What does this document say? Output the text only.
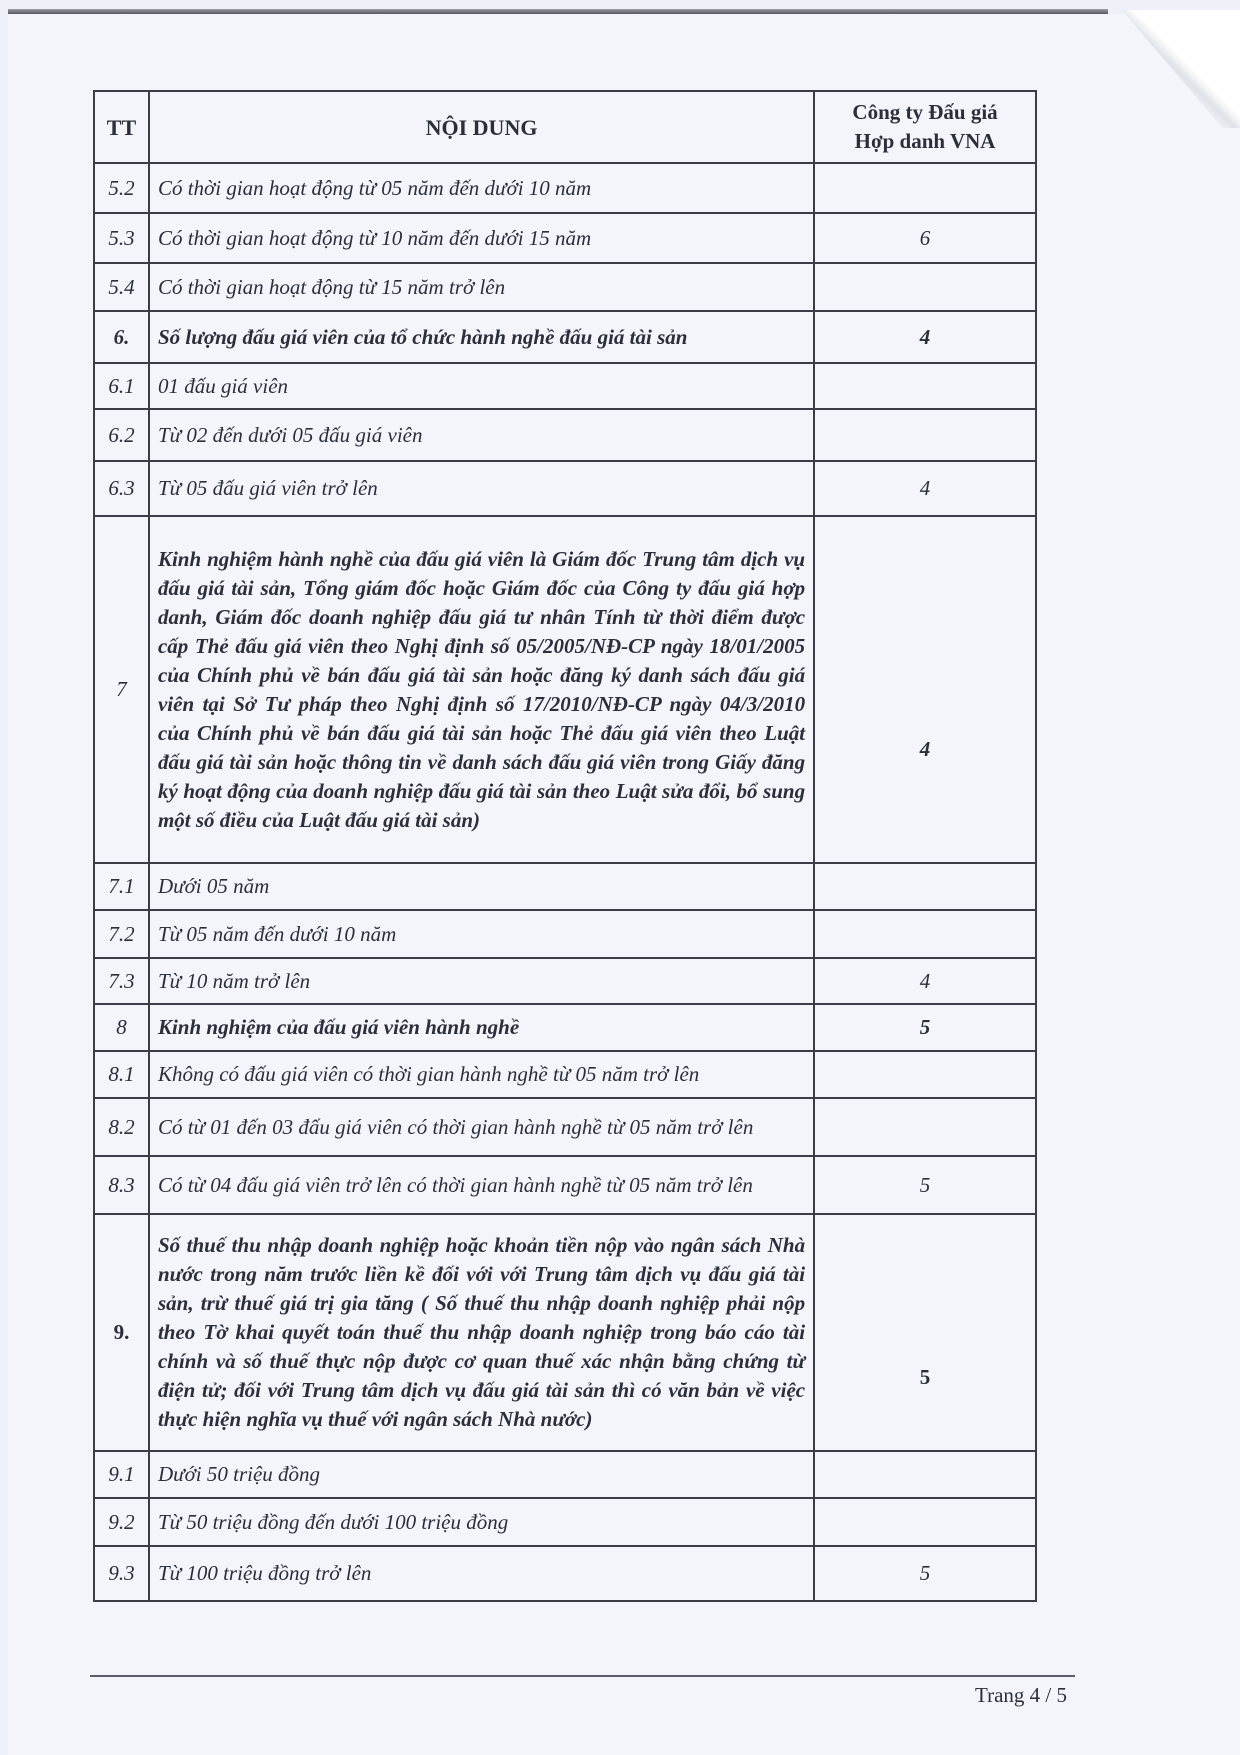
TT	NỘI DUNG	Công ty Đấu giá Hợp danh VNA
5.2	Có thời gian hoạt động từ 05 năm đến dưới 10 năm	
5.3	Có thời gian hoạt động từ 10 năm đến dưới 15 năm	6
5.4	Có thời gian hoạt động từ 15 năm trở lên	
6.	Số lượng đấu giá viên của tổ chức hành nghề đấu giá tài sản	4
6.1	01 đấu giá viên	
6.2	Từ 02 đến dưới 05 đấu giá viên	
6.3	Từ 05 đấu giá viên trở lên	4
7	Kinh nghiệm hành nghề của đấu giá viên là Giám đốc Trung tâm dịch vụ đấu giá tài sản, Tổng giám đốc hoặc Giám đốc của Công ty đấu giá hợp danh, Giám đốc doanh nghiệp đấu giá tư nhân Tính từ thời điểm được cấp Thẻ đấu giá viên theo Nghị định số 05/2005/NĐ-CP ngày 18/01/2005 của Chính phủ về bán đấu giá tài sản hoặc đăng ký danh sách đấu giá viên tại Sở Tư pháp theo Nghị định số 17/2010/NĐ-CP ngày 04/3/2010 của Chính phủ về bán đấu giá tài sản hoặc Thẻ đấu giá viên theo Luật đấu giá tài sản hoặc thông tin về danh sách đấu giá viên trong Giấy đăng ký hoạt động của doanh nghiệp đấu giá tài sản theo Luật sửa đổi, bổ sung một số điều của Luật đấu giá tài sản)	4
7.1	Dưới 05 năm	
7.2	Từ 05 năm đến dưới 10 năm	
7.3	Từ 10 năm trở lên	4
8	Kinh nghiệm của đấu giá viên hành nghề	5
8.1	Không có đấu giá viên có thời gian hành nghề từ 05 năm trở lên	
8.2	Có từ 01 đến 03 đấu giá viên có thời gian hành nghề từ 05 năm trở lên	
8.3	Có từ 04 đấu giá viên trở lên có thời gian hành nghề từ 05 năm trở lên	5
9.	Số thuế thu nhập doanh nghiệp hoặc khoản tiền nộp vào ngân sách Nhà nước trong năm trước liền kề đối với với Trung tâm dịch vụ đấu giá tài sản, trừ thuế giá trị gia tăng ( Số thuế thu nhập doanh nghiệp phải nộp theo Tờ khai quyết toán thuế thu nhập doanh nghiệp trong báo cáo tài chính và số thuế thực nộp được cơ quan thuế xác nhận bằng chứng từ điện tử; đối với Trung tâm dịch vụ đấu giá tài sản thì có văn bản về việc thực hiện nghĩa vụ thuế với ngân sách Nhà nước)	5
9.1	Dưới 50 triệu đồng	
9.2	Từ 50 triệu đồng đến dưới 100 triệu đồng	
9.3	Từ 100 triệu đồng trở lên	5
Trang 4 / 5
